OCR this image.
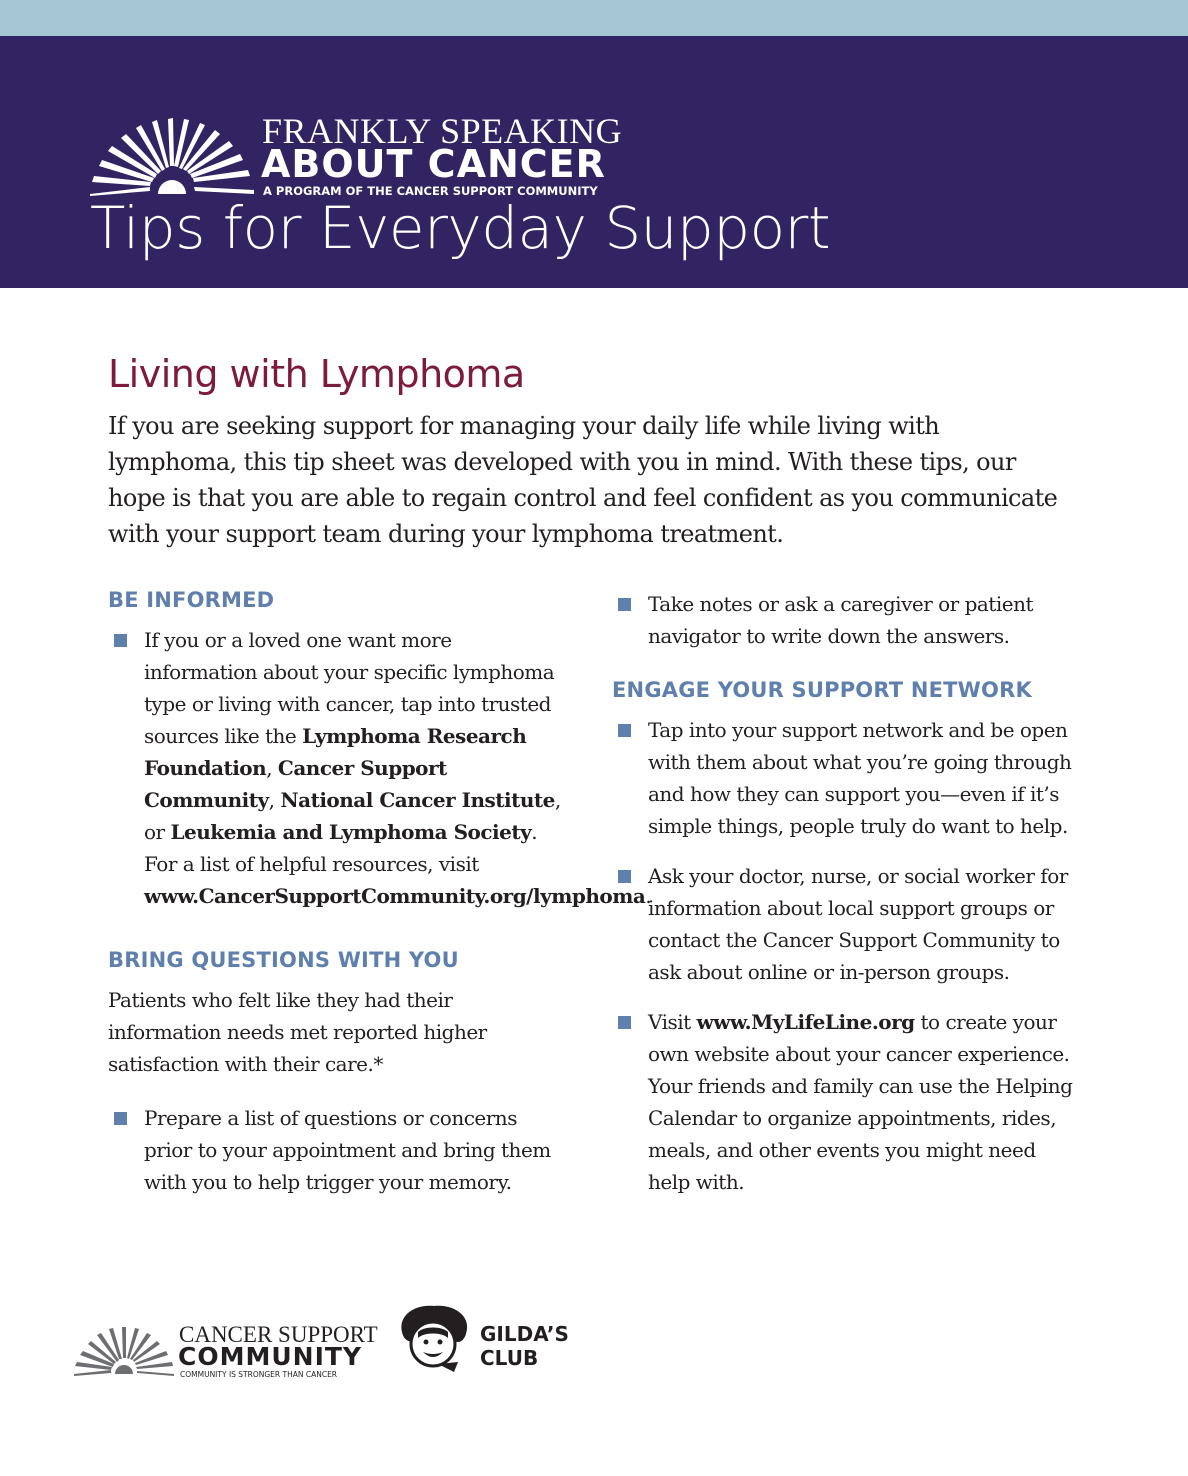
FRANKLY SPEAKING
ABOUT CANCER
A PROGRAM OF THE CANCER SUPPORT COMMUNITY
Tips for Everyday Support
Living with Lymphoma
If you are seeking support for managing your daily life while living with lymphoma, this tip sheet was developed with you in mind. With these tips, our hope is that you are able to regain control and feel confident as you communicate with your support team during your lymphoma treatment.
BE INFORMED
If you or a loved one want more information about your specific lymphoma type or living with cancer, tap into trusted sources like the Lymphoma Research Foundation, Cancer Support Community, National Cancer Institute, or Leukemia and Lymphoma Society. For a list of helpful resources, visit www.CancerSupportCommunity.org/lymphoma.
BRING QUESTIONS WITH YOU
Patients who felt like they had their information needs met reported higher satisfaction with their care.*
Prepare a list of questions or concerns prior to your appointment and bring them with you to help trigger your memory.
Take notes or ask a caregiver or patient navigator to write down the answers.
ENGAGE YOUR SUPPORT NETWORK
Tap into your support network and be open with them about what you’re going through and how they can support you—even if it’s simple things, people truly do want to help.
Ask your doctor, nurse, or social worker for information about local support groups or contact the Cancer Support Community to ask about online or in-person groups.
Visit www.MyLifeLine.org to create your own website about your cancer experience. Your friends and family can use the Helping Calendar to organize appointments, rides, meals, and other events you might need help with.
CANCER SUPPORT
COMMUNITY
COMMUNITY IS STRONGER THAN CANCER
GILDA’S
CLUB
